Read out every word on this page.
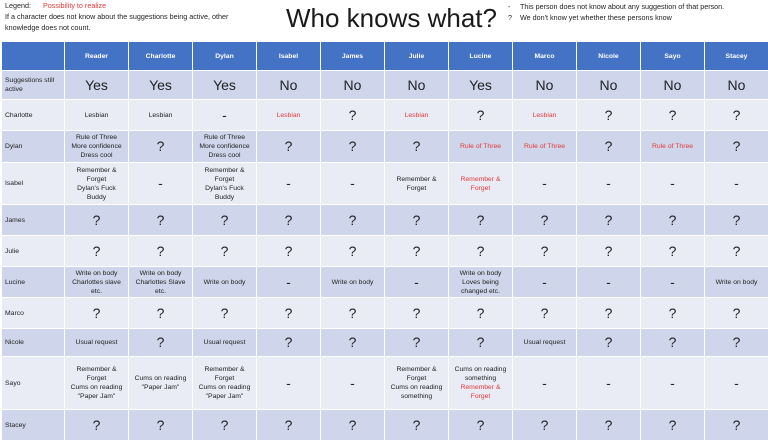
Legend: Possibility to realize
If a character does not know about the suggestions being active, other knowledge does not count.	Who knows what? - This person does not know about any suggestion of that person.
? We don't know yet whether these persons know
	Reader	Charlotte	Dylan	Isabel	James	Julie	Lucine	Marco	Nicole	Sayo	Stacey
Suggestions still active	Yes	Yes	Yes	No	No	No	Yes	No	No	No	No
Charlotte	Lesbian	Lesbian	-	Lesbian	?	Lesbian	?	Lesbian	?	?	?
Dylan	Rule of Three
More confidence
Dress cool	?	Rule of Three
More confidence
Dress cool	?	?	?	Rule of Three	Rule of Three	?	Rule of Three	?
Isabel	Remember &
Forget
Dylan's Fuck
Buddy	-	Remember &
Forget
Dylan's Fuck
Buddy	-	-	Remember &
Forget	Remember &
Forget	-	-	-	-
James	?	?	?	?	?	?	?	?	?	?	?
Julie	?	?	?	?	?	?	?	?	?	?	?
Lucine	Write on body
Charlottes slave
etc.	Write on body
Charlottes Slave
etc.	Write on body	-	Write on body	-	Write on body
Loves being
changed etc.	-	-	-	Write on body
Marco	?	?	?	?	?	?	?	?	?	?	?
Nicole	Usual request	?	Usual request	?	?	?	?	Usual request	?	?	?
Sayo	Remember &
Forget
Cums on reading
"Paper Jam"	Cums on reading
"Paper Jam"	Remember &
Forget
Cums on reading
"Paper Jam"	-	-	Remember &
Forget
Cums on reading
something	Cums on reading
something
Remember &
Forget	-	-	-	-
Stacey	?	?	?	?	?	?	?	?	?	?	?
